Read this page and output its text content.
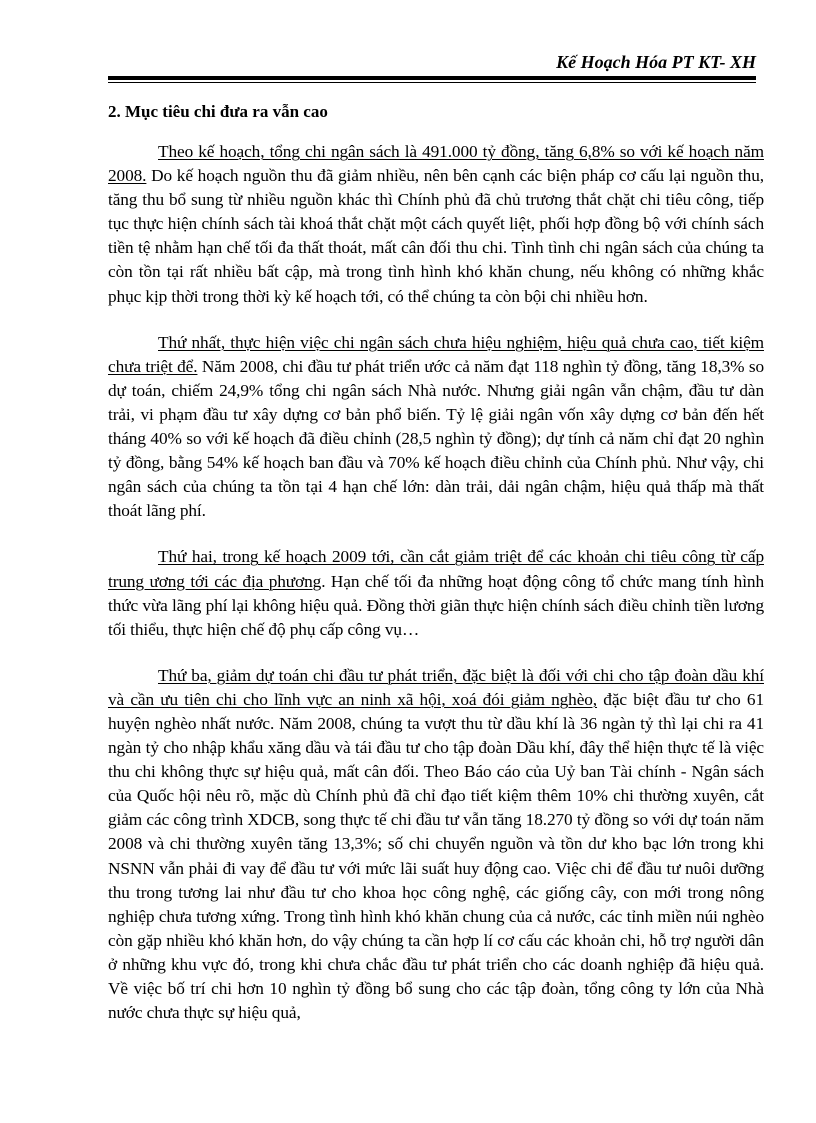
Kế Hoạch Hóa PT KT- XH
2. Mục tiêu chi đưa ra vẫn cao

Theo kế hoạch, tổng chi ngân sách là 491.000 tỷ đồng, tăng 6,8% so với kế hoạch năm 2008. Do kế hoạch nguồn thu đã giảm nhiều, nên bên cạnh các biện pháp cơ cấu lại nguồn thu, tăng thu bổ sung từ nhiều nguồn khác thì Chính phủ đã chủ trương thắt chặt chi tiêu công, tiếp tục thực hiện chính sách tài khoá thắt chặt một cách quyết liệt, phối hợp đồng bộ với chính sách tiền tệ nhằm hạn chế tối đa thất thoát, mất cân đối thu chi. Tình tình chi ngân sách của chúng ta còn tồn tại rất nhiều bất cập, mà trong tình hình khó khăn chung, nếu không có những khắc phục kịp thời trong thời kỳ kế hoạch tới, có thể chúng ta còn bội chi nhiều hơn.

Thứ nhất, thực hiện việc chi ngân sách chưa hiệu nghiệm, hiệu quả chưa cao, tiết kiệm chưa triệt để. Năm 2008, chi đầu tư phát triển ước cả năm đạt 118 nghìn tỷ đồng, tăng 18,3% so dự toán, chiếm 24,9% tổng chi ngân sách Nhà nước. Nhưng giải ngân vẫn chậm, đầu tư dàn trải, vi phạm đầu tư xây dựng cơ bản phổ biến. Tỷ lệ giải ngân vốn xây dựng cơ bản đến hết tháng 40% so với kế hoạch đã điều chỉnh (28,5 nghìn tỷ đồng); dự tính cả năm chỉ đạt 20 nghìn tỷ đồng, bằng 54% kế hoạch ban đầu và 70% kế hoạch điều chỉnh của Chính phủ. Như vậy, chi ngân sách của chúng ta tồn tại 4 hạn chế lớn: dàn trải, dải ngân chậm, hiệu quả thấp mà thất thoát lãng phí.

Thứ hai, trong kế hoạch 2009 tới, cần cắt giảm triệt để các khoản chi tiêu công từ cấp trung ương tới các địa phương. Hạn chế tối đa những hoạt động công tổ chức mang tính hình thức vừa lãng phí lại không hiệu quả. Đồng thời giãn thực hiện chính sách điều chỉnh tiền lương tối thiểu, thực hiện chế độ phụ cấp công vụ…

Thứ ba, giảm dự toán chi đầu tư phát triển, đặc biệt là đối với chi cho tập đoàn dầu khí và cần ưu tiên chi cho lĩnh vực an ninh xã hội, xoá đói giảm nghèo, đặc biệt đầu tư cho 61 huyện nghèo nhất nước. Năm 2008, chúng ta vượt thu từ dầu khí là 36 ngàn tỷ thì lại chi ra 41 ngàn tỷ cho nhập khẩu xăng dầu và tái đầu tư cho tập đoàn Dầu khí, đây thể hiện thực tế là việc thu chi không thực sự hiệu quả, mất cân đối. Theo Báo cáo của Uỷ ban Tài chính - Ngân sách của Quốc hội nêu rõ, mặc dù Chính phủ đã chỉ đạo tiết kiệm thêm 10% chi thường xuyên, cắt giảm các công trình XDCB, song thực tế chi đầu tư vẫn tăng 18.270 tỷ đồng so với dự toán năm 2008 và chi thường xuyên tăng 13,3%; số chi chuyển nguồn và tồn dư kho bạc lớn trong khi NSNN vẫn phải đi vay để đầu tư với mức lãi suất huy động cao. Việc chi để đầu tư nuôi dưỡng thu trong tương lai như đầu tư cho khoa học công nghệ, các giống cây, con mới trong nông nghiệp chưa tương xứng. Trong tình hình khó khăn chung của cả nước, các tỉnh miền núi nghèo còn gặp nhiều khó khăn hơn, do vậy chúng ta cần hợp lí cơ cấu các khoản chi, hỗ trợ người dân ở những khu vực đó, trong khi chưa chắc đầu tư phát triển cho các doanh nghiệp đã hiệu quả. Về việc bố trí chi hơn 10 nghìn tỷ đồng bổ sung cho các tập đoàn, tổng công ty lớn của Nhà nước chưa thực sự hiệu quả,
